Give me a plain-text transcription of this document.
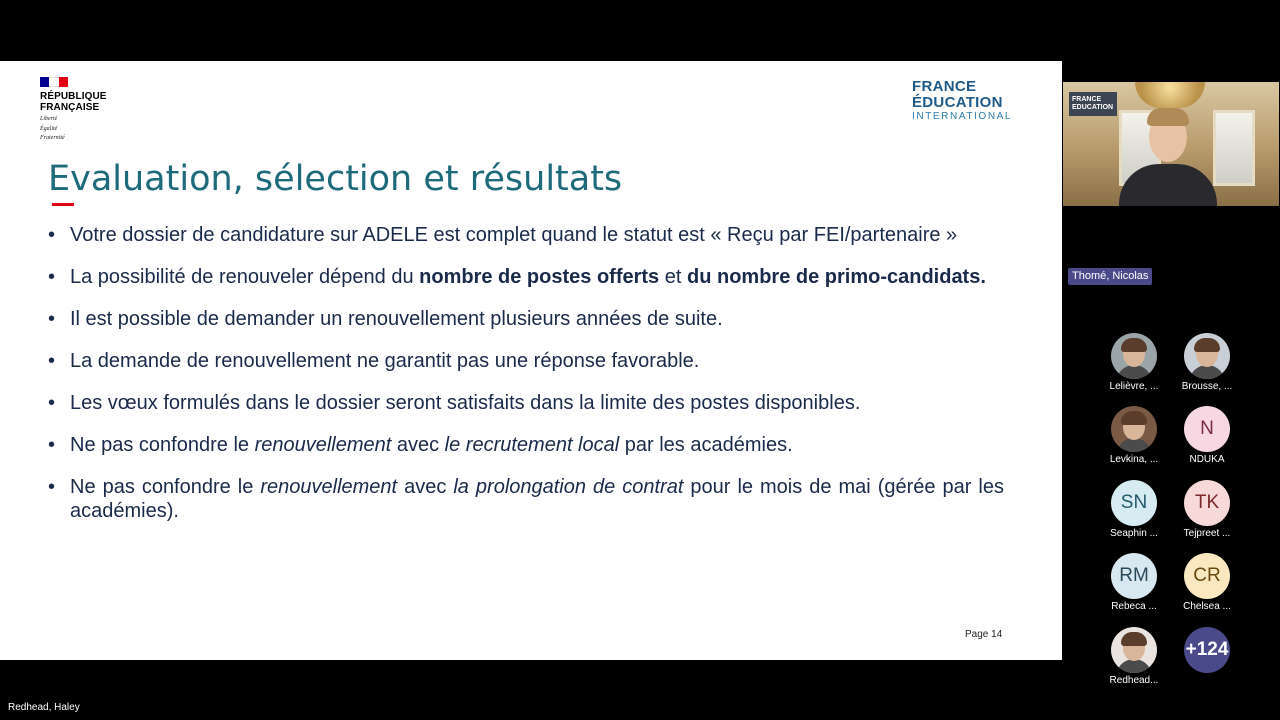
RÉPUBLIQUE
FRANÇAISE
Liberté
Égalité
Fraternité
FRANCE
ÉDUCATION
INTERNATIONAL
Evaluation, sélection et résultats
• Votre dossier de candidature sur ADELE est complet quand le statut est « Reçu par FEI/partenaire »
• La possibilité de renouveler dépend du nombre de postes offerts et du nombre de primo-candidats.
• Il est possible de demander un renouvellement plusieurs années de suite.
• La demande de renouvellement ne garantit pas une réponse favorable.
• Les vœux formulés dans le dossier seront satisfaits dans la limite des postes disponibles.
• Ne pas confondre le renouvellement avec le recrutement local par les académies.
• Ne pas confondre le renouvellement avec la prolongation de contrat pour le mois de mai (gérée par les académies).
Page 14
FRANCE
EDUCATION
Thomé, Nicolas
Lelièvre, ...	Brousse, ...
Levkina, ...
N
NDUKA
SN
Seaphin ...
TK
Tejpreet ...
RM
Rebeca ...
CR
Chelsea ...
Redhead...
+124
Redhead, Haley
